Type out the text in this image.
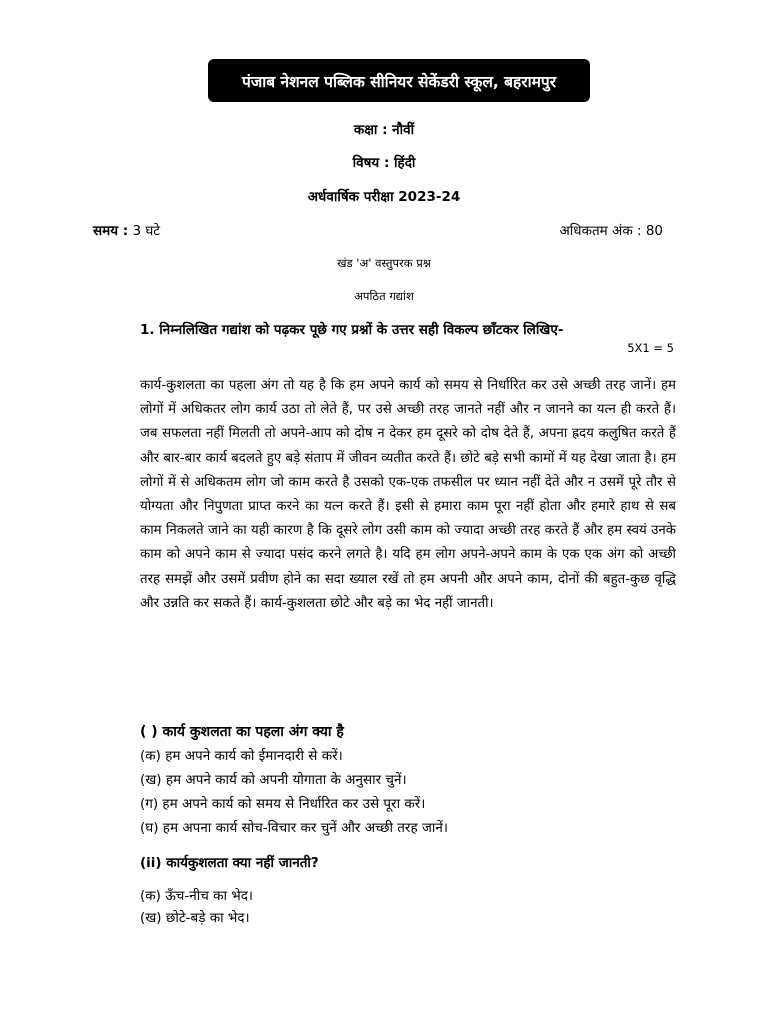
पंजाब नेशनल पब्लिक सीनियर सेकेंडरी स्कूल, बहरामपुर
कक्षा : नौवीं
विषय : हिंदी
अर्धवार्षिक परीक्षा 2023-24
समय : 3 घटे	अधिकतम अंक : 80
खंड 'अ' वस्तुपरक प्रश्न
अपठित गद्यांश
1. निम्नलिखित गद्यांश को पढ़कर पूछे गए प्रश्नों के उत्तर सही विकल्प छाँटकर लिखिए-
5X1 = 5

कार्य-कुशलता का पहला अंग तो यह है कि हम अपने कार्य को समय से निर्धारित कर उसे अच्छी तरह जानें। हम लोगों में अधिकतर लोग कार्य उठा तो लेते हैं, पर उसे अच्छी तरह जानते नहीं और न जानने का यत्न ही करते हैं। जब सफलता नहीं मिलती तो अपने-आप को दोष न देकर हम दूसरे को दोष देते हैं, अपना ह्रदय कलुषित करते हैं और बार-बार कार्य बदलते हुए बड़े संताप में जीवन व्यतीत करते हैं। छोटे बड़े सभी कामों में यह देखा जाता है। हम लोगों में से अधिकतम लोग जो काम करते है उसको एक-एक तफसील पर ध्यान नहीं देते और न उसमें पूरे तौर से योग्यता और निपुणता प्राप्त करने का यत्न करते हैं। इसी से हमारा काम पूरा नहीं होता और हमारे हाथ से सब काम निकलते जाने का यही कारण है कि दूसरे लोग उसी काम को ज्यादा अच्छी तरह करते हैं और हम स्वयं उनके काम को अपने काम से ज्यादा पसंद करने लगते है। यदि हम लोग अपने-अपने काम के एक एक अंग को अच्छी तरह समझें और उसमें प्रवीण होने का सदा ख्याल रखें तो हम अपनी और अपने काम, दोनों की बहुत-कुछ वृद्धि और उन्नति कर सकते हैं। कार्य-कुशलता छोटे और बड़े का भेद नहीं जानती।

( ) कार्य कुशलता का पहला अंग क्या है
(क) हम अपने कार्य को ईमानदारी से करें।
(ख) हम अपने कार्य को अपनी योगाता के अनुसार चुनें।
(ग) हम अपने कार्य को समय से निर्धारित कर उसे पूरा करें।
(घ) हम अपना कार्य सोच-विचार कर चुनें और अच्छी तरह जानें।
(ii) कार्यकुशलता क्या नहीं जानती?
(क) ऊँच-नीच का भेद।
(ख) छोटे-बड़े का भेद।
